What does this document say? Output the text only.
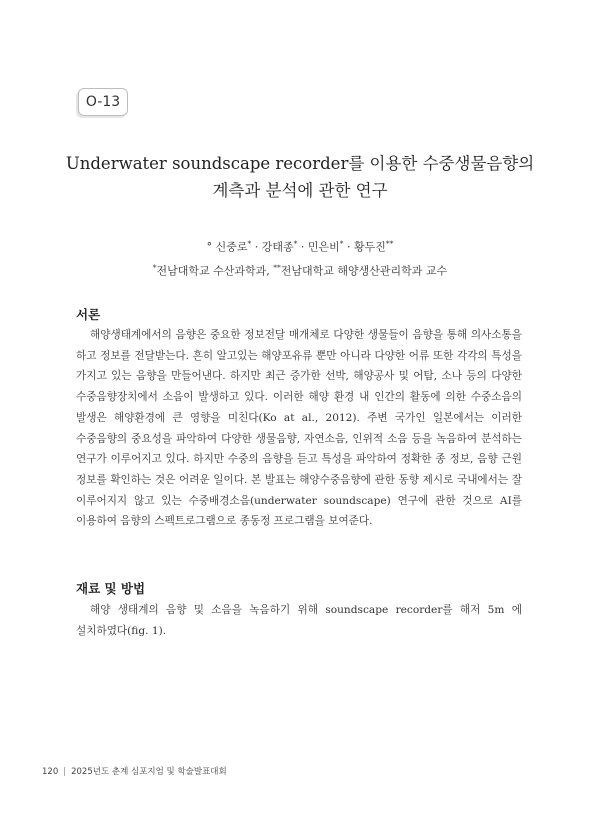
O-13
Underwater soundscape recorder를 이용한 수중생물음향의
계측과 분석에 관한 연구
° 신중로* · 강태종* · 민은비* · 황두진**
*전남대학교 수산과학과, **전남대학교 해양생산관리학과 교수
서론

해양생태계에서의 음향은 중요한 정보전달 매개체로 다양한 생물들이 음향을 통해 의사소통을 하고 정보를 전달받는다. 흔히 알고있는 해양포유류 뿐만 아니라 다양한 어류 또한 각각의 특성을 가지고 있는 음향을 만들어낸다. 하지만 최근 증가한 선박, 해양공사 및 어탐, 소나 등의 다양한 수중음향장치에서 소음이 발생하고 있다. 이러한 해양 환경 내 인간의 활동에 의한 수중소음의 발생은 해양환경에 큰 영향을 미친다(Ko at al., 2012). 주변 국가인 일본에서는 이러한 수중음향의 중요성을 파악하여 다양한 생물음향, 자연소음, 인위적 소음 등을 녹음하여 분석하는 연구가 이루어지고 있다. 하지만 수중의 음향을 듣고 특성을 파악하여 정확한 종 정보, 음향 근원 정보를 확인하는 것은 어려운 일이다. 본 발표는 해양수중음향에 관한 동향 제시로 국내에서는 잘 이루어지지 않고 있는 수중배경소음(underwater soundscape) 연구에 관한 것으로 AI를 이용하여 음향의 스펙트로그램으로 종동정 프로그램을 보여준다.

재료 및 방법

해양 생태계의 음향 및 소음을 녹음하기 위해 soundscape recorder를 해저 5m 에 설치하였다(fig. 1).

120 | 2025년도 춘계 심포지엄 및 학술발표대회
